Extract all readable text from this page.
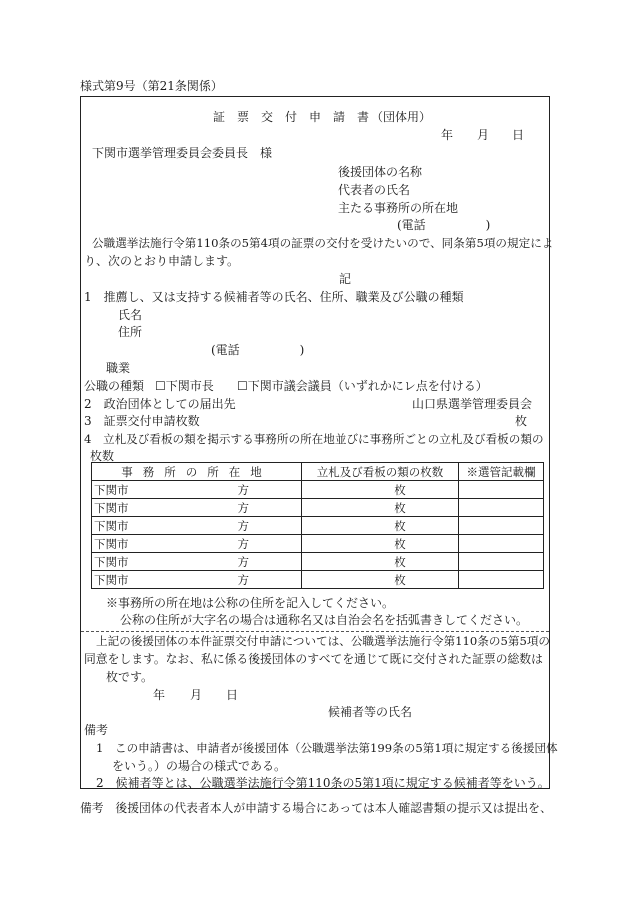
様式第9号（第21条関係）
証 票 交 付 申 請 書 （団体用）
年 月 日
下関市選挙管理委員会委員長　様
後援団体の名称
代表者の氏名
主たる事務所の所在地
(電話　　　　　)
公職選挙法施行令第110条の5第4項の証票の交付を受けたいので、同条第5項の規定によ
り、次のとおり申請します。
記
1　推薦し、又は支持する候補者等の氏名、住所、職業及び公職の種類
氏名
住所
(電話　　　　　)
職業
公職の種類 ☐下関市長 ☐下関市議会議員（いずれかにレ点を付ける）
2　政治団体としての届出先	山口県選挙管理委員会
3　証票交付申請枚数	枚
4　立札及び看板の類を掲示する事務所の所在地並びに事務所ごとの立札及び看板の類の
枚数
事務所の所在地	立札及び看板の類の枚数	※選管記載欄
下関市 方	枚	

下関市 方	枚	

下関市 方	枚	

下関市 方	枚	

下関市 方	枚	

下関市 方	枚	

※事務所の所在地は公称の住所を記入してください。
公称の住所が大字名の場合は通称名又は自治会名を括弧書きしてください。
上記の後援団体の本件証票交付申請については、公職選挙法施行令第110条の5第5項の
同意をします。なお、私に係る後援団体のすべてを通じて既に交付された証票の総数は
枚です。
年 月 日
候補者等の氏名
備考
1　この申請書は、申請者が後援団体（公職選挙法第199条の5第1項に規定する後援団体
をいう。）の場合の様式である。
2　候補者等とは、公職選挙法施行令第110条の5第1項に規定する候補者等をいう。
備考　後援団体の代表者本人が申請する場合にあっては本人確認書類の提示又は提出を、
